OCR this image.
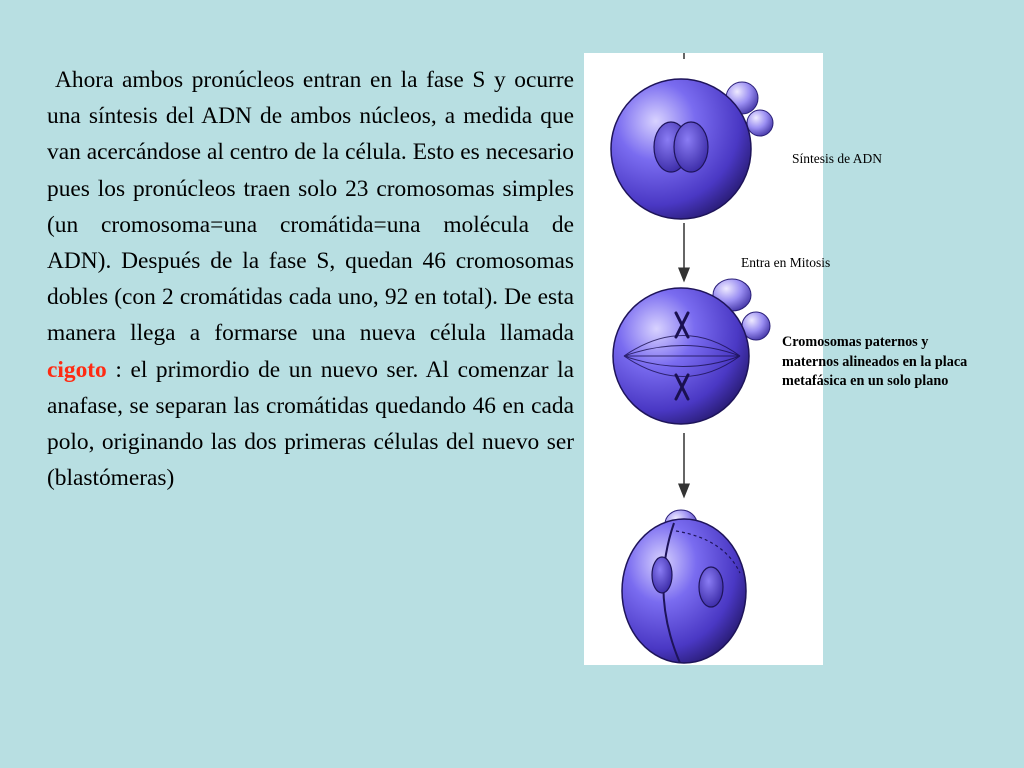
Ahora ambos pronúcleos entran en la fase S y ocurre una síntesis del ADN de ambos núcleos, a medida que van acercándose al centro de la célula. Esto es necesario pues los pronúcleos traen solo 23 cromosomas simples (un cromosoma=una cromátida=una molécula de ADN). Después de la fase S, quedan 46 cromosomas dobles (con 2 cromátidas cada uno, 92 en total). De esta manera llega a formarse una nueva célula llamada cigoto : el primordio de un nuevo ser. Al comenzar la anafase, se separan las cromátidas quedando 46 en cada polo, originando las dos primeras células del nuevo ser (blastómeras)

Síntesis de ADN
Entra en Mitosis
Cromosomas paternos y maternos alineados en la placa metafásica en un solo plano
